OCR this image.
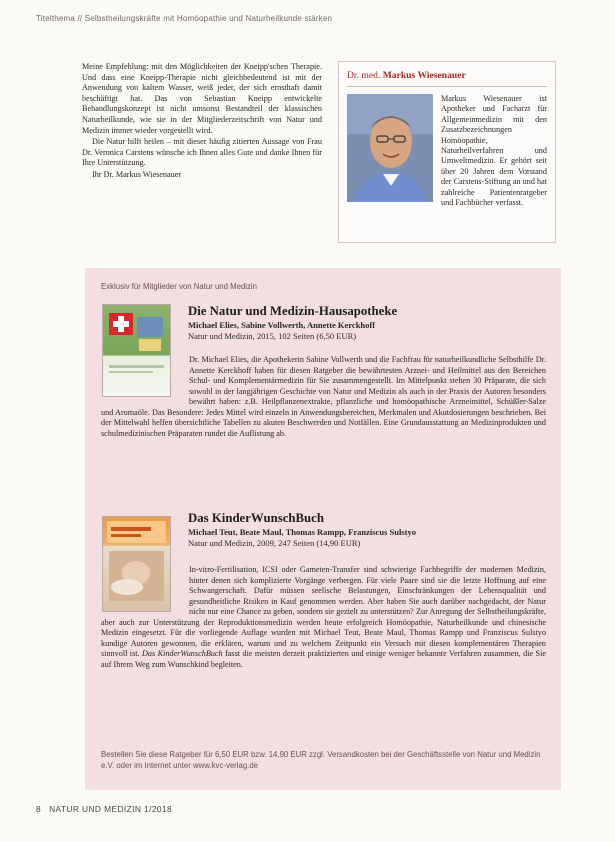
Titelthema // Selbstheilungskräfte mit Homöopathie und Naturheilkunde stärken

Meine Empfehlung: mit den Möglichkeiten der Kneipp'schen Therapie. Und dass eine Kneipp-Therapie nicht gleichbedeutend ist mit der Anwendung von kaltem Wasser, weiß jeder, der sich ernsthaft damit beschäftigt hat. Das von Sebastian Kneipp entwickelte Behandlungskonzept ist nicht umsonst Bestandteil der klassischen Naturheilkunde, wie sie in der Mitgliederzeitschrift von Natur und Medizin immer wieder vorgestellt wird.

Die Natur hilft heilen – mit dieser häufig zitierten Aussage von Frau Dr. Veronica Carstens wünsche ich Ihnen alles Gute und danke Ihnen für Ihre Unterstützung.

Ihr Dr. Markus Wiesenauer

Dr. med. Markus Wiesenauer
Markus Wiesenauer ist Apotheker und Facharzt für Allgemeinmedizin mit den Zusatzbezeichnungen Homöopathie, Naturheilverfahren und Umweltmedizin. Er gehört seit über 20 Jahren dem Vorstand der Carstens-Stiftung an und hat zahlreiche Patientenratgeber und Fachbücher verfasst.
Exklusiv für Mitglieder von Natur und Medizin

Die Natur und Medizin-Hausapotheke

Michael Elies, Sabine Vollwerth, Annette Kerckhoff

Natur und Medizin, 2015, 102 Seiten (6,50 EUR)

Dr. Michael Elies, die Apothekerin Sabine Vollwerth und die Fachfrau für naturheilkundliche Selbsthilfe Dr. Annette Kerckhoff haben für diesen Ratgeber die bewährtesten Arznei- und Heilmittel aus den Bereichen Schul- und Komplementärmedizin für Sie zusammengestellt. Im Mittelpunkt stehen 30 Präparate, die sich sowohl in der langjährigen Geschichte von Natur und Medizin als auch in der Praxis der Autoren besonders bewährt haben: z.B. Heilpflanzenextrakte, pflanzliche und homöopathische Arzneimittel, Schüßler-Salze und Aromaöle. Das Besondere: Jedes Mittel wird einzeln in Anwendungsbereichen, Merkmalen und Akutdosierungen beschrieben. Bei der Mittelwahl helfen übersichtliche Tabellen zu akuten Beschwerden und Notfällen. Eine Grundausstattung an Medizinprodukten und schulmedizinischen Präparaten rundet die Auflistung ab.

Das KinderWunschBuch

Michael Teut, Beate Maul, Thomas Rampp, Franziscus Sulstyo

Natur und Medizin, 2009, 247 Seiten (14,90 EUR)

In-vitro-Fertilisation, ICSI oder Gameten-Transfer sind schwierige Fachbegriffe der modernen Medizin, hinter denen sich komplizierte Vorgänge verbergen. Für viele Paare sind sie die letzte Hoffnung auf eine Schwangerschaft. Dafür müssen seelische Belastungen, Einschränkungen der Lebensqualität und gesundheitliche Risiken in Kauf genommen werden. Aber haben Sie auch darüber nachgedacht, der Natur nicht nur eine Chance zu geben, sondern sie gezielt zu unterstützen? Zur Anregung der Selbstheilungskräfte, aber auch zur Unterstützung der Reproduktionsmedizin werden heute erfolgreich Homöopathie, Naturheilkunde und chinesische Medizin eingesetzt. Für die vorliegende Auflage wurden mit Michael Teut, Beate Maul, Thomas Rampp und Franziscus Sulstyo kundige Autoren gewonnen, die erklären, warum und zu welchem Zeitpunkt ein Versuch mit diesen komplementären Therapien sinnvoll ist. Das KinderWunschBuch fasst die meisten derzeit praktizierten und einige weniger bekannte Verfahren zusammen, die Sie auf Ihrem Weg zum Wunschkind begleiten.
Bestellen Sie diese Ratgeber für 6,50 EUR bzw. 14,90 EUR zzgl. Versandkosten bei der Geschäftsstelle von Natur und Medizin e.V. oder im Internet unter www.kvc-verlag.de
8 NATUR UND MEDIZIN 1/2018
